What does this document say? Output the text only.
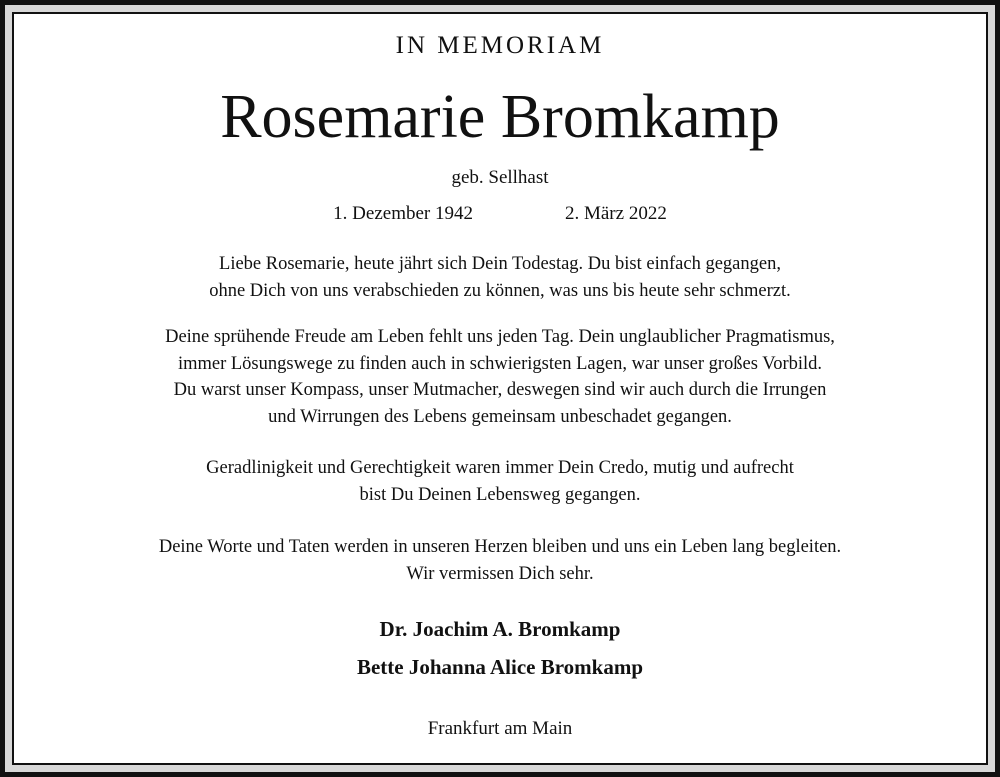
IN MEMORIAM
Rosemarie Bromkamp
geb. Sellhast
1. Dezember 1942	2. März 2022
Liebe Rosemarie, heute jährt sich Dein Todestag. Du bist einfach gegangen,
ohne Dich von uns verabschieden zu können, was uns bis heute sehr schmerzt.
Deine sprühende Freude am Leben fehlt uns jeden Tag. Dein unglaublicher Pragmatismus,
immer Lösungswege zu finden auch in schwierigsten Lagen, war unser großes Vorbild.
Du warst unser Kompass, unser Mutmacher, deswegen sind wir auch durch die Irrungen
und Wirrungen des Lebens gemeinsam unbeschadet gegangen.
Geradlinigkeit und Gerechtigkeit waren immer Dein Credo, mutig und aufrecht
bist Du Deinen Lebensweg gegangen.
Deine Worte und Taten werden in unseren Herzen bleiben und uns ein Leben lang begleiten.
Wir vermissen Dich sehr.
Dr. Joachim A. Bromkamp
Bette Johanna Alice Bromkamp
Frankfurt am Main
